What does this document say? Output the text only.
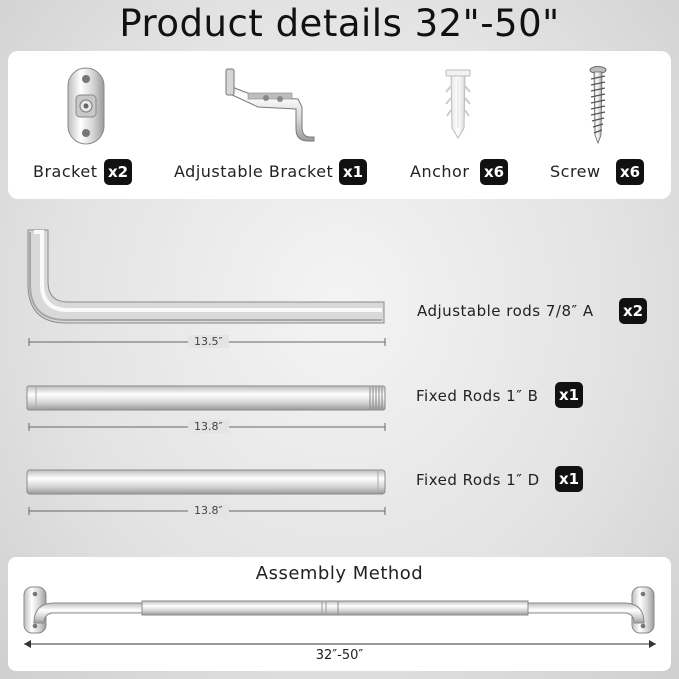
Product details 32"-50"
Bracket x2	Adjustable Bracket x1	Anchor x6	Screw x6
13.5″
Adjustable rods 7/8″ A x2
13.8″
Fixed Rods 1″ B x1
13.8″
Fixed Rods 1″ D x1
Assembly Method
32″-50″
